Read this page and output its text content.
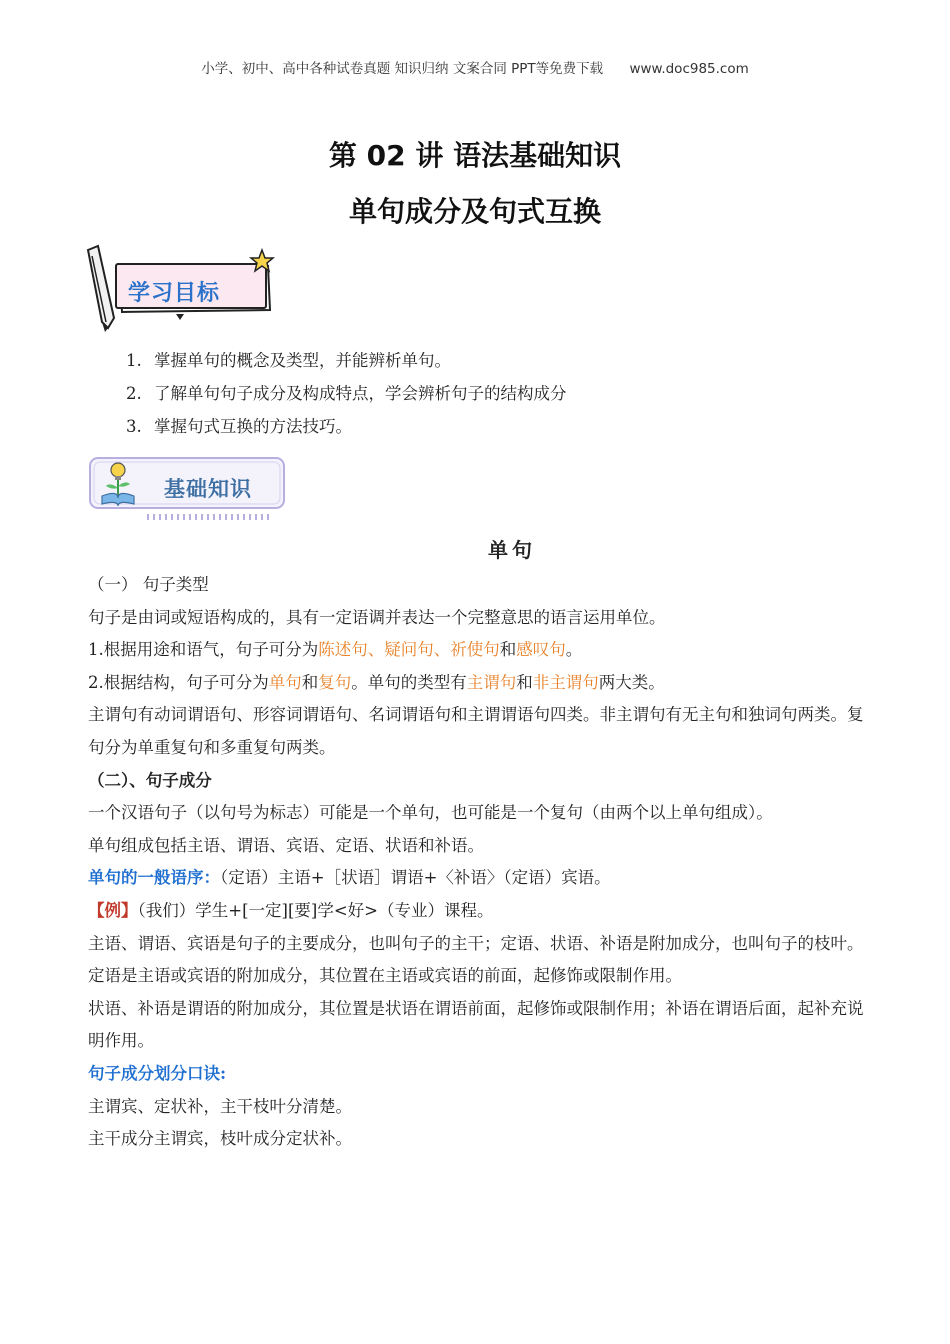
小学、初中、高中各种试卷真题 知识归纳 文案合同 PPT等免费下载 www.doc985.com
第 02 讲 语法基础知识
单句成分及句式互换
学习目标
1. 掌握单句的概念及类型，并能辨析单句。
2. 了解单句句子成分及构成特点，学会辨析句子的结构成分
3. 掌握句式互换的方法技巧。
基础知识
单句

（一） 句子类型

句子是由词或短语构成的，具有一定语调并表达一个完整意思的语言运用单位。

1.根据用途和语气，句子可分为陈述句、疑问句、祈使句和感叹句。

2.根据结构，句子可分为单句和复句。单句的类型有主谓句和非主谓句两大类。

主谓句有动词谓语句、形容词谓语句、名词谓语句和主谓谓语句四类。非主谓句有无主句和独词句两类。复句分为单重复句和多重复句两类。

（二）、句子成分

一个汉语句子（以句号为标志）可能是一个单句，也可能是一个复句（由两个以上单句组成）。

单句组成包括主语、谓语、宾语、定语、状语和补语。

单句的一般语序：（定语）主语+［状语］谓语+〈补语〉（定语）宾语。

【例】（我们）学生+[一定][要]学<好>（专业）课程。

主语、谓语、宾语是句子的主要成分，也叫句子的主干；定语、状语、补语是附加成分，也叫句子的枝叶。

定语是主语或宾语的附加成分，其位置在主语或宾语的前面，起修饰或限制作用。

状语、补语是谓语的附加成分，其位置是状语在谓语前面，起修饰或限制作用；补语在谓语后面，起补充说明作用。

句子成分划分口诀:

主谓宾、定状补，主干枝叶分清楚。

主干成分主谓宾，枝叶成分定状补。
